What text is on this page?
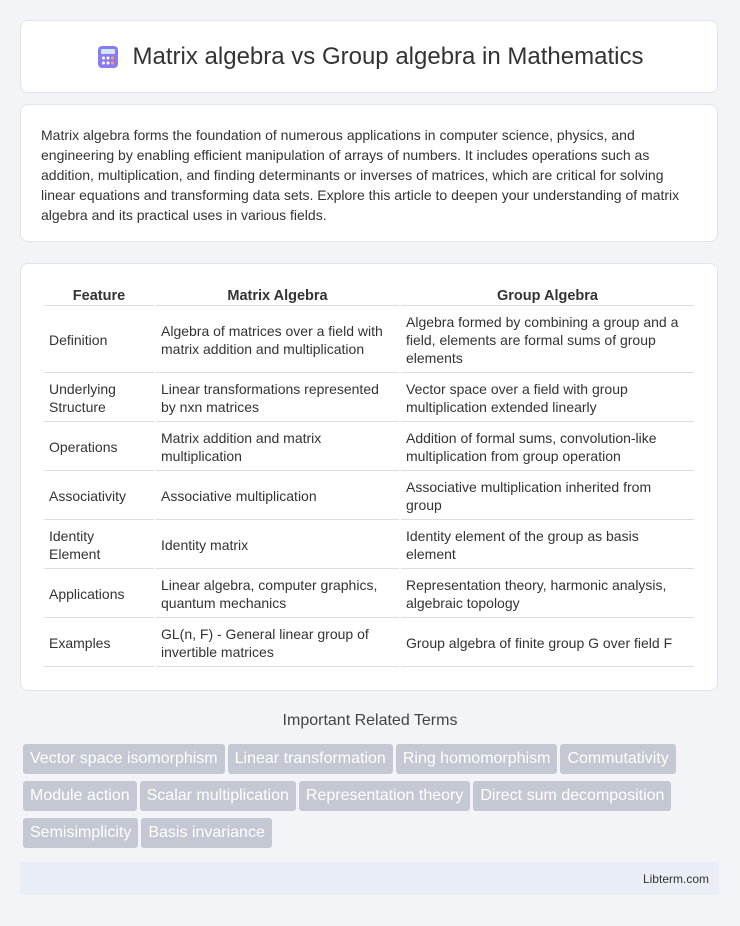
Matrix algebra vs Group algebra in Mathematics

Matrix algebra forms the foundation of numerous applications in computer science, physics, and engineering by enabling efficient manipulation of arrays of numbers. It includes operations such as addition, multiplication, and finding determinants or inverses of matrices, which are critical for solving linear equations and transforming data sets. Explore this article to deepen your understanding of matrix algebra and its practical uses in various fields.

Feature	Matrix Algebra	Group Algebra
Definition	Algebra of matrices over a field with matrix addition and multiplication	Algebra formed by combining a group and a field, elements are formal sums of group elements
Underlying Structure	Linear transformations represented by nxn matrices	Vector space over a field with group multiplication extended linearly
Operations	Matrix addition and matrix multiplication	Addition of formal sums, convolution-like multiplication from group operation
Associativity	Associative multiplication	Associative multiplication inherited from group
Identity Element	Identity matrix	Identity element of the group as basis element
Applications	Linear algebra, computer graphics, quantum mechanics	Representation theory, harmonic analysis, algebraic topology
Examples	GL(n, F) - General linear group of invertible matrices	Group algebra of finite group G over field F
Important Related Terms
Vector space isomorphism Linear transformation Ring homomorphism Commutativity
Module action Scalar multiplication Representation theory Direct sum decomposition
Semisimplicity Basis invariance
Libterm.com
